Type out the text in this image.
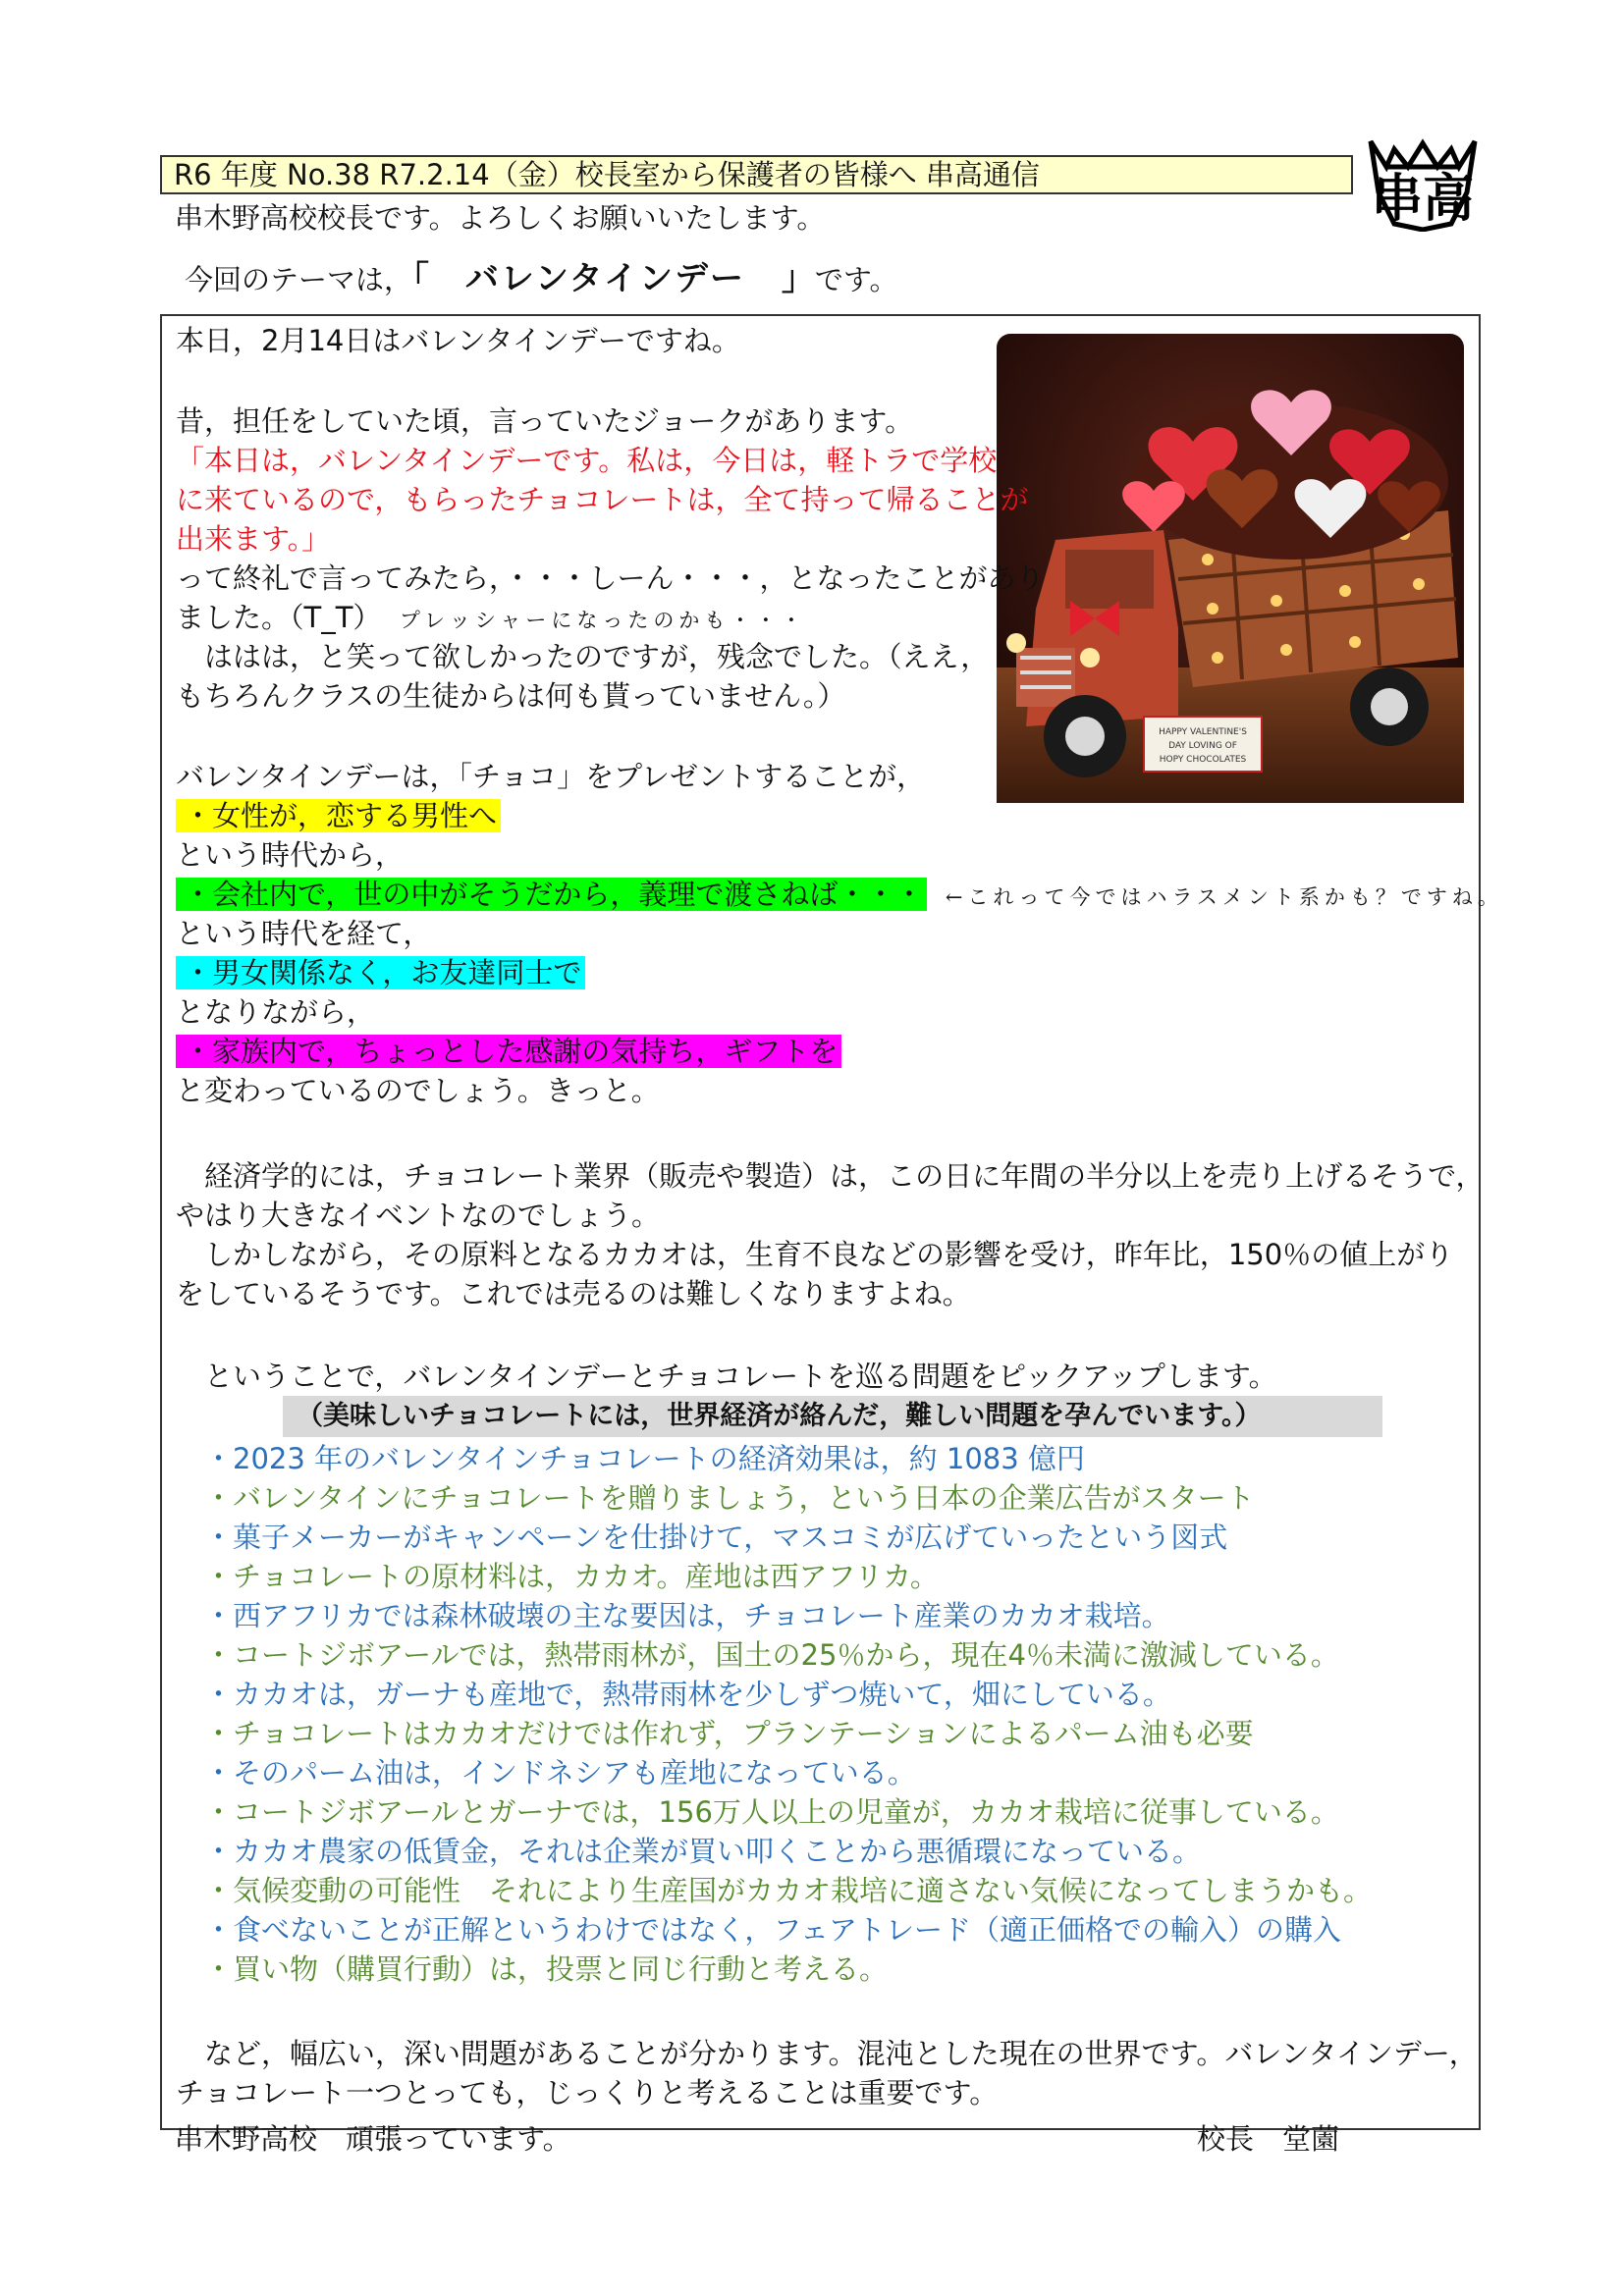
R6 年度 No.38 R7.2.14（金）校長室から保護者の皆様へ 串高通信	串高
串木野高校校長です。よろしくお願いいたします。
今回のテーマは，「 バレンタインデー 」です。
HAPPY VALENTINE'S
DAY LOVING OF
HOPY CHOCOLATES
本日，2月14日はバレンタインデーですね。
昔，担任をしていた頃，言っていたジョークがあります。
「本日は，バレンタインデーです。私は，今日は，軽トラで学校
に来ているので，もらったチョコレートは，全て持って帰ることが
出来ます。」
って終礼で言ってみたら，・・・しーん・・・，となったことがあり
ました。（T_T） プレッシャーになったのかも・・・
　ははは，と笑って欲しかったのですが，残念でした。（ええ，
もちろんクラスの生徒からは何も貰っていません。）
バレンタインデーは，「チョコ」をプレゼントすることが，
・女性が，恋する男性へ
という時代から，
・会社内で，世の中がそうだから，義理で渡さねば・・・ ←これって今ではハラスメント系かも？ですね。
という時代を経て，
・男女関係なく，お友達同士で
となりながら，
・家族内で，ちょっとした感謝の気持ち，ギフトを
と変わっているのでしょう。きっと。
　経済学的には，チョコレート業界（販売や製造）は，この日に年間の半分以上を売り上げるそうで，
やはり大きなイベントなのでしょう。
　しかしながら，その原料となるカカオは，生育不良などの影響を受け，昨年比，150％の値上がり
をしているそうです。これでは売るのは難しくなりますよね。
　ということで，バレンタインデーとチョコレートを巡る問題をピックアップします。
（美味しいチョコレートには，世界経済が絡んだ，難しい問題を孕んでいます。）
・2023 年のバレンタインチョコレートの経済効果は，約 1083 億円
・バレンタインにチョコレートを贈りましょう，という日本の企業広告がスタート
・菓子メーカーがキャンペーンを仕掛けて，マスコミが広げていったという図式
・チョコレートの原材料は，カカオ。産地は西アフリカ。
・西アフリカでは森林破壊の主な要因は，チョコレート産業のカカオ栽培。
・コートジボアールでは，熱帯雨林が，国土の25％から，現在4％未満に激減している。
・カカオは，ガーナも産地で，熱帯雨林を少しずつ焼いて，畑にしている。
・チョコレートはカカオだけでは作れず，プランテーションによるパーム油も必要
・そのパーム油は，インドネシアも産地になっている。
・コートジボアールとガーナでは，156万人以上の児童が，カカオ栽培に従事している。
・カカオ農家の低賃金，それは企業が買い叩くことから悪循環になっている。
・気候変動の可能性　それにより生産国がカカオ栽培に適さない気候になってしまうかも。
・食べないことが正解というわけではなく，フェアトレード（適正価格での輸入）の購入
・買い物（購買行動）は，投票と同じ行動と考える。
　など，幅広い，深い問題があることが分かります。混沌とした現在の世界です。バレンタインデー，
チョコレート一つとっても，じっくりと考えることは重要です。
串木野高校　頑張っています。	校長　堂薗
